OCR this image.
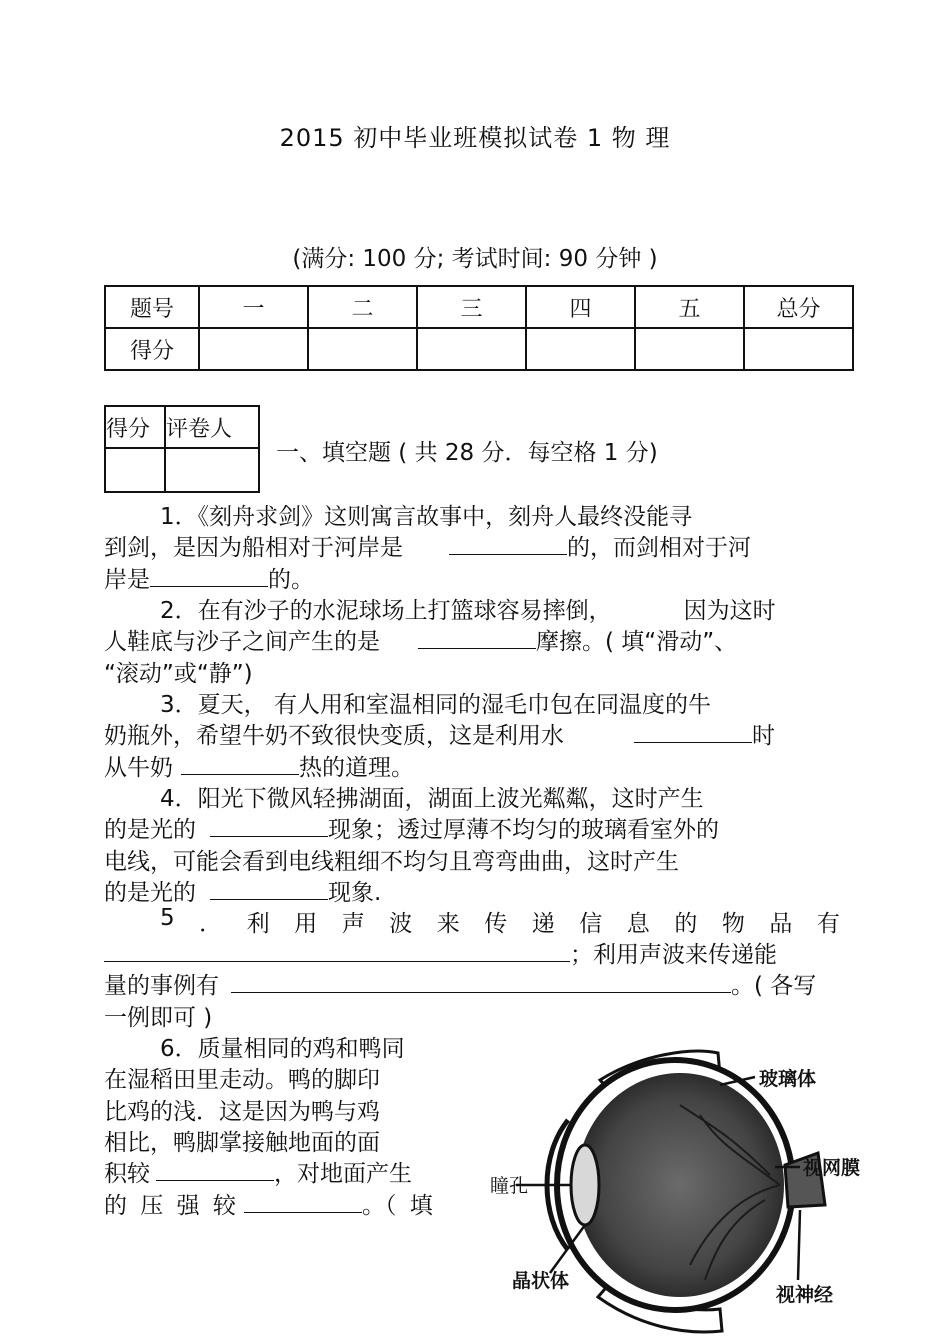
2015 初中毕业班模拟试卷 1 物 理
(满分: 100 分; 考试时间: 90 分钟 )
题号	一	二	三	四	五	总分
得分						
得分	评卷人

一、填空题 ( 共 28 分．每空格 1 分)
1．《刻舟求剑》这则寓言故事中，刻舟人最终没能寻
到剑，是因为船相对于河岸是	的，而剑相对于河
岸是	的。
2．在有沙子的水泥球场上打篮球容易摔倒，	因为这时
人鞋底与沙子之间产生的是	摩擦。( 填“滑动”、
“滚动”或“静”)
3．夏天， 有人用和室温相同的湿毛巾包在同温度的牛
奶瓶外，希望牛奶不致很快变质，这是利用水	时
从牛奶	热的道理。
4．阳光下微风轻拂湖面，湖面上波光粼粼，这时产生
的是光的	现象；透过厚薄不均匀的玻璃看室外的
电线，可能会看到电线粗细不均匀且弯弯曲曲，这时产生
的是光的	现象.
5 ． 利 用 声 波 来 传 递 信 息 的 物 品 有
；利用声波来传递能
量的事例有	。( 各写
一例即可 )
6．质量相同的鸡和鸭同
在湿稻田里走动。鸭的脚印
比鸡的浅．这是因为鸭与鸡
相比，鸭脚掌接触地面的面
积较	，对地面产生
的 压 强 较	。（ 填
玻璃体
视网膜
瞳孔
晶状体
视神经
